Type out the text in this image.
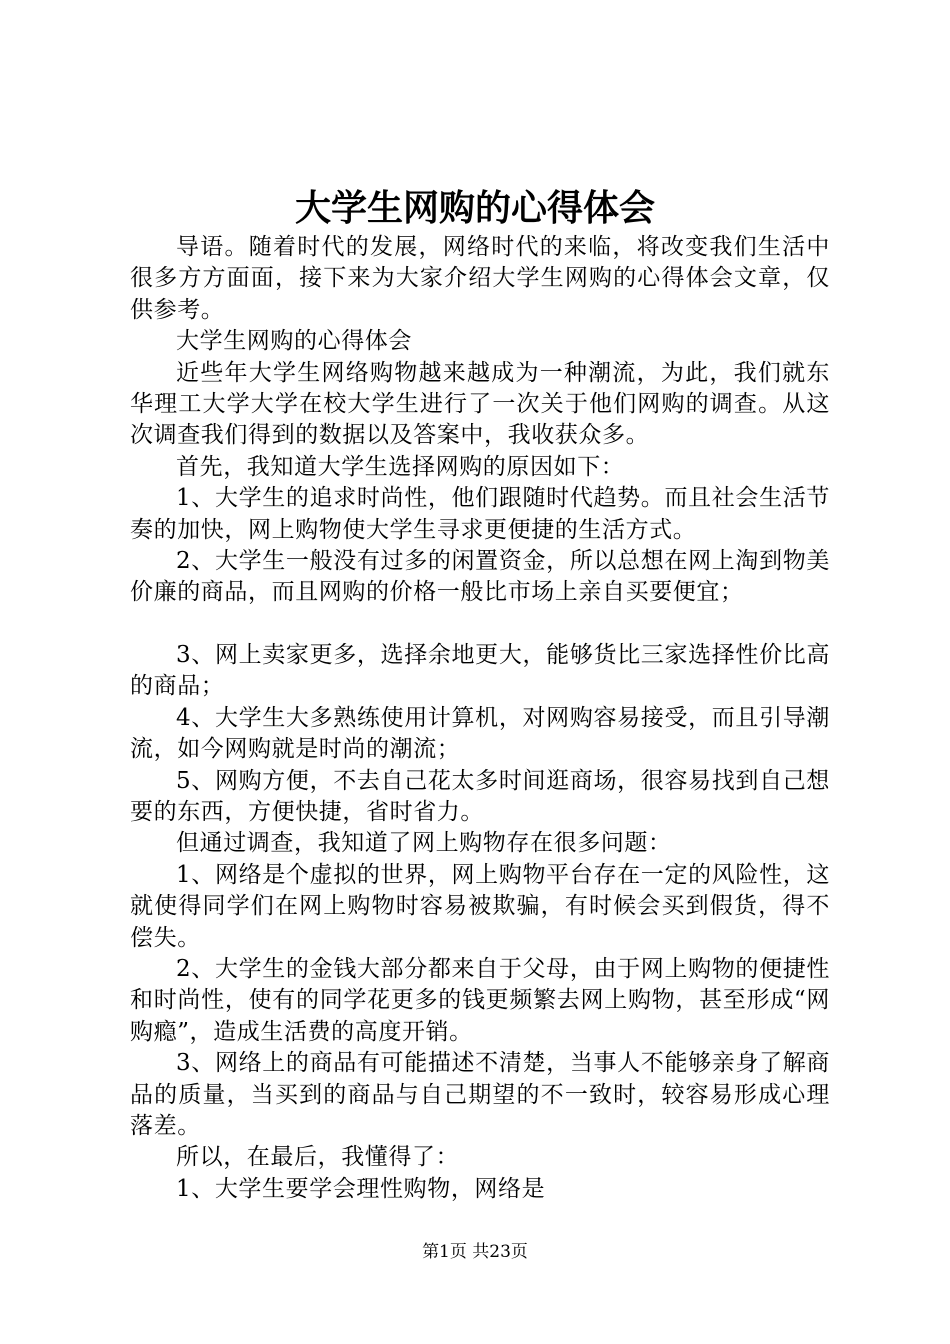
大学生网购的心得体会

导语。随着时代的发展，网络时代的来临，将改变我们生活中很多方方面面，接下来为大家介绍大学生网购的心得体会文章，仅供参考。

大学生网购的心得体会

近些年大学生网络购物越来越成为一种潮流，为此，我们就东华理工大学大学在校大学生进行了一次关于他们网购的调查。从这次调查我们得到的数据以及答案中，我收获众多。

首先，我知道大学生选择网购的原因如下：

1、大学生的追求时尚性，他们跟随时代趋势。而且社会生活节奏的加快，网上购物使大学生寻求更便捷的生活方式。

2、大学生一般没有过多的闲置资金，所以总想在网上淘到物美价廉的商品，而且网购的价格一般比市场上亲自买要便宜；

3、网上卖家更多，选择余地更大，能够货比三家选择性价比高的商品；

4、大学生大多熟练使用计算机，对网购容易接受，而且引导潮流，如今网购就是时尚的潮流；

5、网购方便，不去自己花太多时间逛商场，很容易找到自己想要的东西，方便快捷，省时省力。

但通过调查，我知道了网上购物存在很多问题：

1、网络是个虚拟的世界，网上购物平台存在一定的风险性，这就使得同学们在网上购物时容易被欺骗，有时候会买到假货，得不偿失。

2、大学生的金钱大部分都来自于父母，由于网上购物的便捷性和时尚性，使有的同学花更多的钱更频繁去网上购物，甚至形成“网购瘾”，造成生活费的高度开销。

3、网络上的商品有可能描述不清楚，当事人不能够亲身了解商品的质量，当买到的商品与自己期望的不一致时，较容易形成心理落差。

所以，在最后，我懂得了：

1、大学生要学会理性购物，网络是

第1页 共23页
